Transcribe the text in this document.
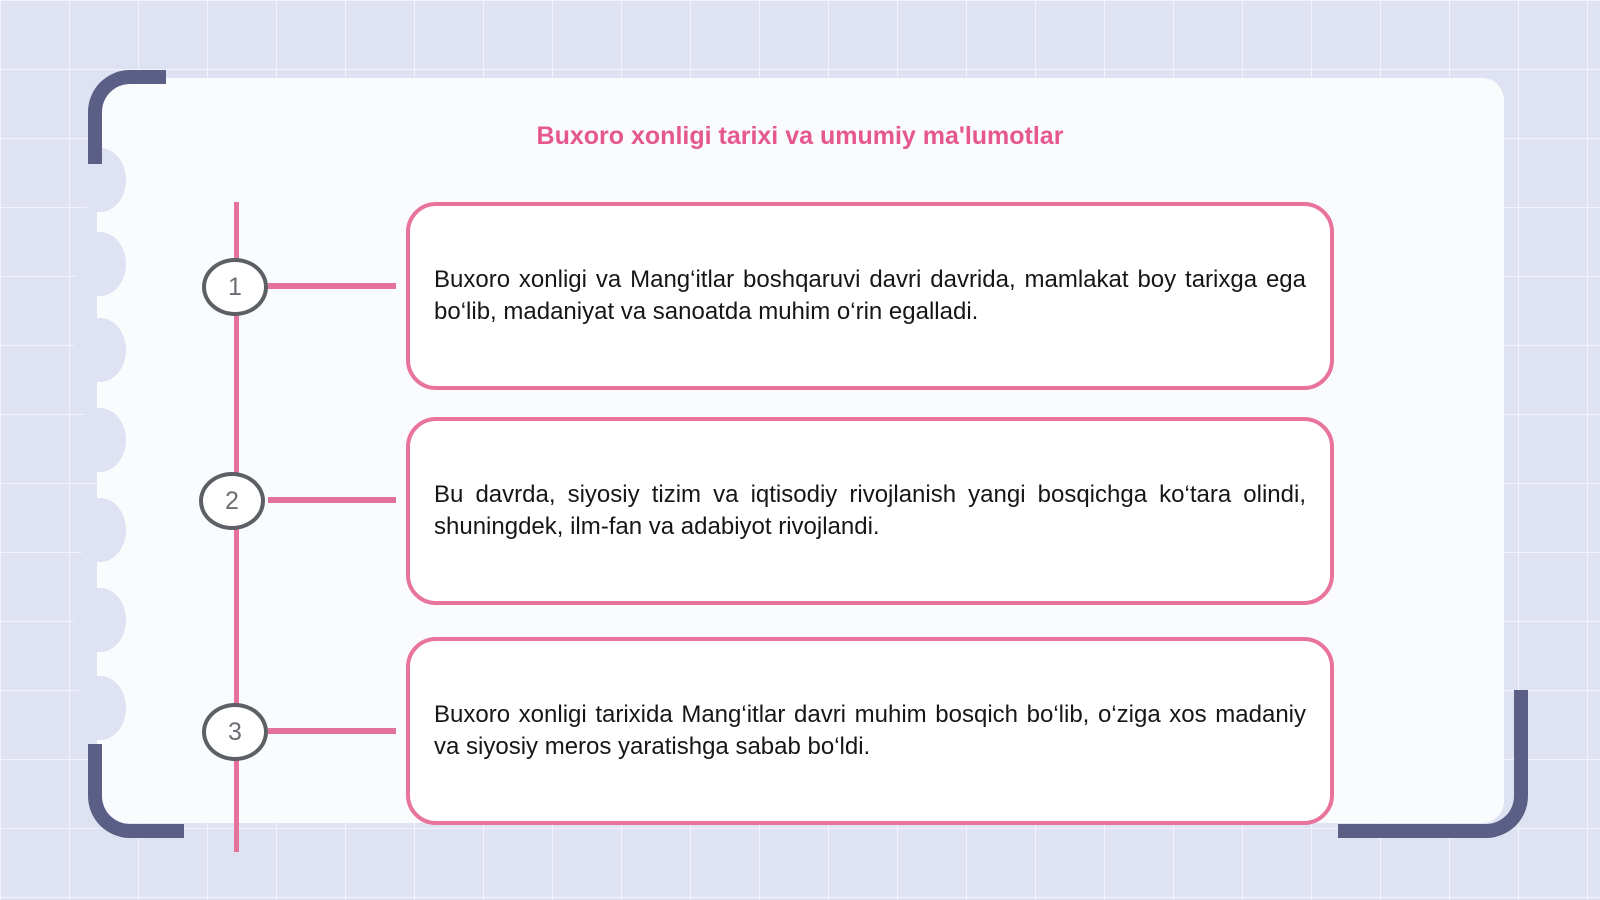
Buxoro xonligi tarixi va umumiy ma'lumotlar
1
2
3
Buxoro xonligi va Mang‘itlar boshqaruvi davri davrida, mamlakat boy tarixga ega bo‘lib, madaniyat va sanoatda muhim o‘rin egalladi.
Bu davrda, siyosiy tizim va iqtisodiy rivojlanish yangi bosqichga ko‘tara olindi, shuningdek, ilm-fan va adabiyot rivojlandi.
Buxoro xonligi tarixida Mang‘itlar davri muhim bosqich bo‘lib, o‘ziga xos madaniy va siyosiy meros yaratishga sabab bo‘ldi.
